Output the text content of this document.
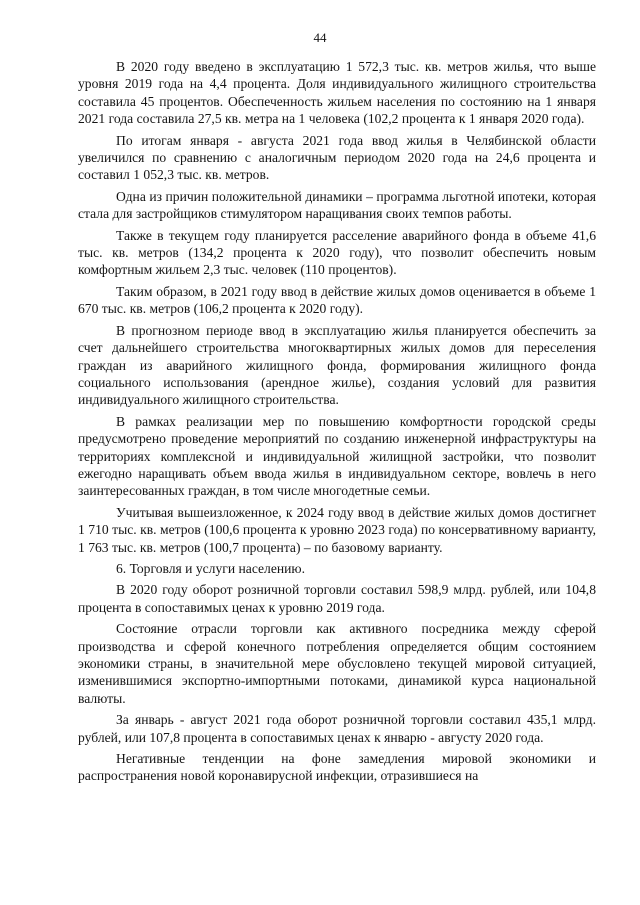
44

В 2020 году введено в эксплуатацию 1 572,3 тыс. кв. метров жилья, что выше уровня 2019 года на 4,4 процента. Доля индивидуального жилищного строительства составила 45 процентов. Обеспеченность жильем населения по состоянию на 1 января 2021 года составила 27,5 кв. метра на 1 человека (102,2 процента к 1 января 2020 года).

По итогам января - августа 2021 года ввод жилья в Челябинской области увеличился по сравнению с аналогичным периодом 2020 года на 24,6 процента и составил 1 052,3 тыс. кв. метров.

Одна из причин положительной динамики – программа льготной ипотеки, которая стала для застройщиков стимулятором наращивания своих темпов работы.

Также в текущем году планируется расселение аварийного фонда в объеме 41,6 тыс. кв. метров (134,2 процента к 2020 году), что позволит обеспечить новым комфортным жильем 2,3 тыс. человек (110 процентов).

Таким образом, в 2021 году ввод в действие жилых домов оценивается в объеме 1 670 тыс. кв. метров (106,2 процента к 2020 году).

В прогнозном периоде ввод в эксплуатацию жилья планируется обеспечить за счет дальнейшего строительства многоквартирных жилых домов для переселения граждан из аварийного жилищного фонда, формирования жилищного фонда социального использования (арендное жилье), создания условий для развития индивидуального жилищного строительства.

В рамках реализации мер по повышению комфортности городской среды предусмотрено проведение мероприятий по созданию инженерной инфраструктуры на территориях комплексной и индивидуальной жилищной застройки, что позволит ежегодно наращивать объем ввода жилья в индивидуальном секторе, вовлечь в него заинтересованных граждан, в том числе многодетные семьи.

Учитывая вышеизложенное, к 2024 году ввод в действие жилых домов достигнет 1 710 тыс. кв. метров (100,6 процента к уровню 2023 года) по консервативному варианту, 1 763 тыс. кв. метров (100,7 процента) – по базовому варианту.

6. Торговля и услуги населению.

В 2020 году оборот розничной торговли составил 598,9 млрд. рублей, или 104,8 процента в сопоставимых ценах к уровню 2019 года.

Состояние отрасли торговли как активного посредника между сферой производства и сферой конечного потребления определяется общим состоянием экономики страны, в значительной мере обусловлено текущей мировой ситуацией, изменившимися экспортно-импортными потоками, динамикой курса национальной валюты.

За январь - август 2021 года оборот розничной торговли составил 435,1 млрд. рублей, или 107,8 процента в сопоставимых ценах к январю - августу 2020 года.

Негативные тенденции на фоне замедления мировой экономики и распространения новой коронавирусной инфекции, отразившиеся на
